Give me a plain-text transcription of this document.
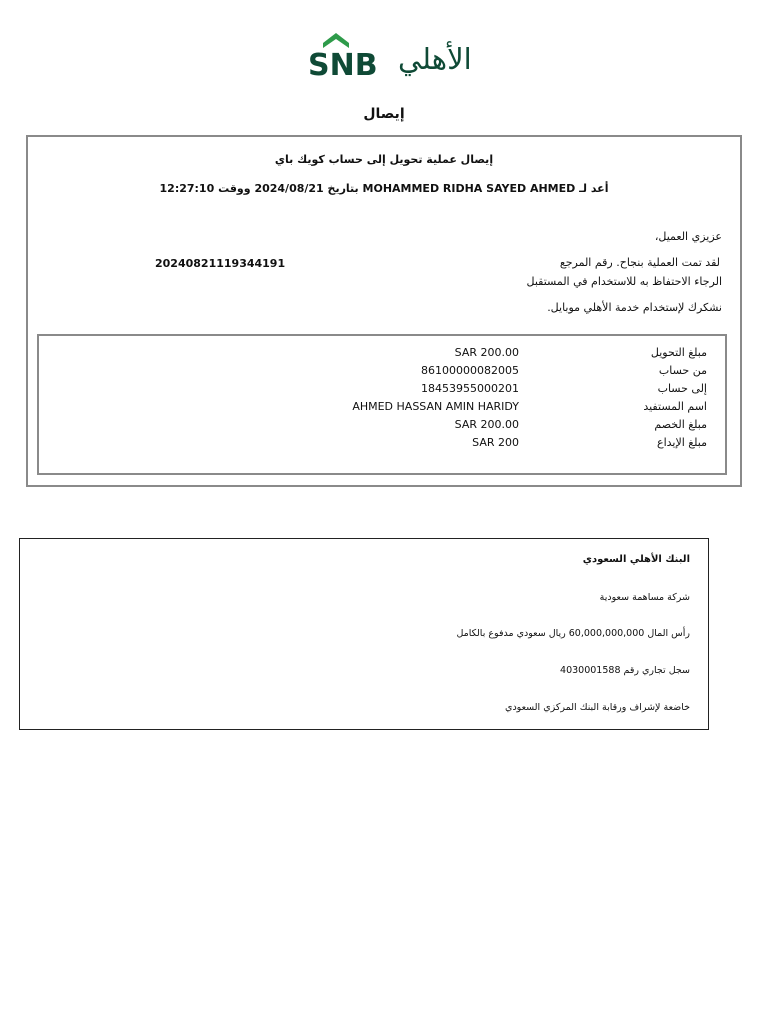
SNB الأهلي
إيصال
إيصال عملية تحويل إلى حساب كويك باي
أعد لـ MOHAMMED RIDHA SAYED AHMED بتاريخ 2024/08/21 ووقت 12:27:10
عزيزي العميل،
لقد تمت العملية بنجاح. رقم المرجع
20240821119344191
الرجاء الاحتفاظ به للاستخدام في المستقبل
نشكرك لإستخدام خدمة الأهلي موبايل.
مبلغ التحويل
SAR 200.00
من حساب
86100000082005
إلى حساب
18453955000201
اسم المستفيد
AHMED HASSAN AMIN HARIDY
مبلغ الخصم
SAR 200.00
مبلغ الإيداع
SAR 200
البنك الأهلي السعودي
شركة مساهمة سعودية
رأس المال 60,000,000,000 ريال سعودي مدفوع بالكامل
سجل تجاري رقم 4030001588
خاضعة لإشراف ورقابة البنك المركزي السعودي
